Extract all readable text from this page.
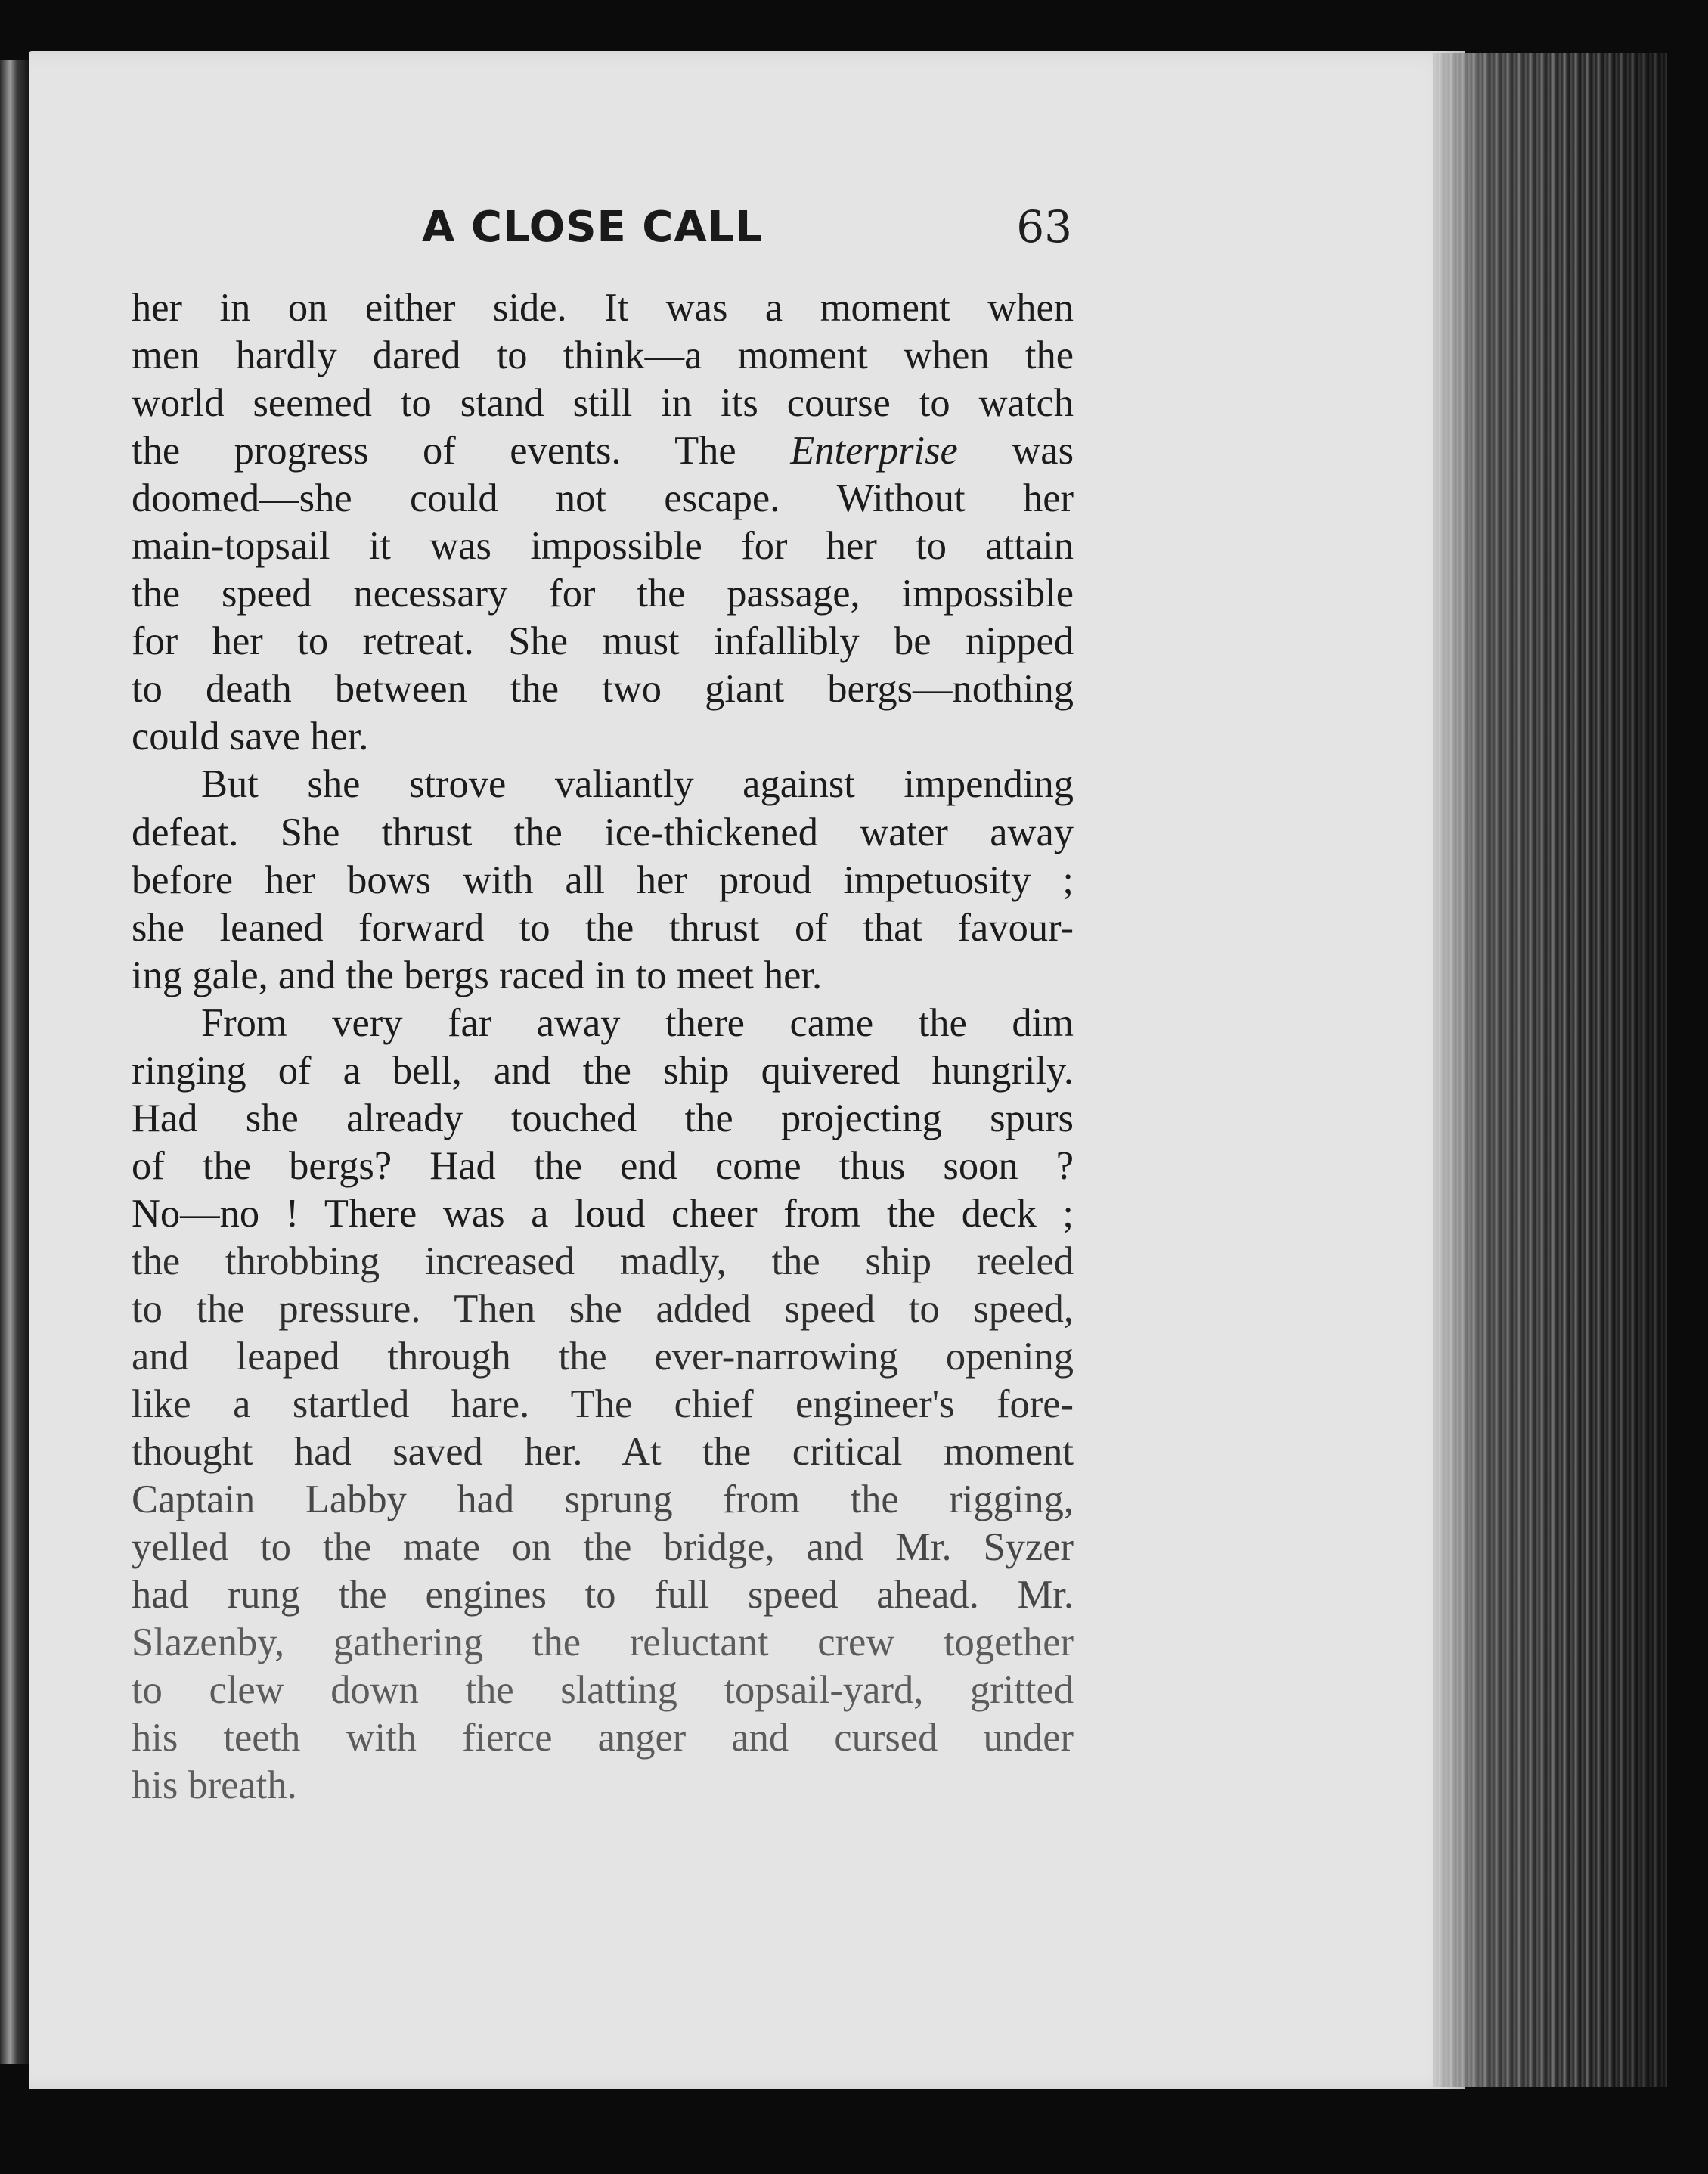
A CLOSE CALL	63
her in on either side. It was a moment when
men hardly dared to think—a moment when the
world seemed to stand still in its course to watch
the progress of events. The Enterprise was
doomed—she could not escape. Without her
main-topsail it was impossible for her to attain
the speed necessary for the passage, impossible
for her to retreat. She must infallibly be nipped
to death between the two giant bergs—nothing
could save her.
But she strove valiantly against impending
defeat. She thrust the ice-thickened water away
before her bows with all her proud impetuosity ;
she leaned forward to the thrust of that favour-
ing gale, and the bergs raced in to meet her.
From very far away there came the dim
ringing of a bell, and the ship quivered hungrily.
Had she already touched the projecting spurs
of the bergs? Had the end come thus soon ?
No—no ! There was a loud cheer from the deck ;
the throbbing increased madly, the ship reeled
to the pressure. Then she added speed to speed,
and leaped through the ever-narrowing opening
like a startled hare. The chief engineer's fore-
thought had saved her. At the critical moment
Captain Labby had sprung from the rigging,
yelled to the mate on the bridge, and Mr. Syzer
had rung the engines to full speed ahead. Mr.
Slazenby, gathering the reluctant crew together
to clew down the slatting topsail-yard, gritted
his teeth with fierce anger and cursed under
his breath.
